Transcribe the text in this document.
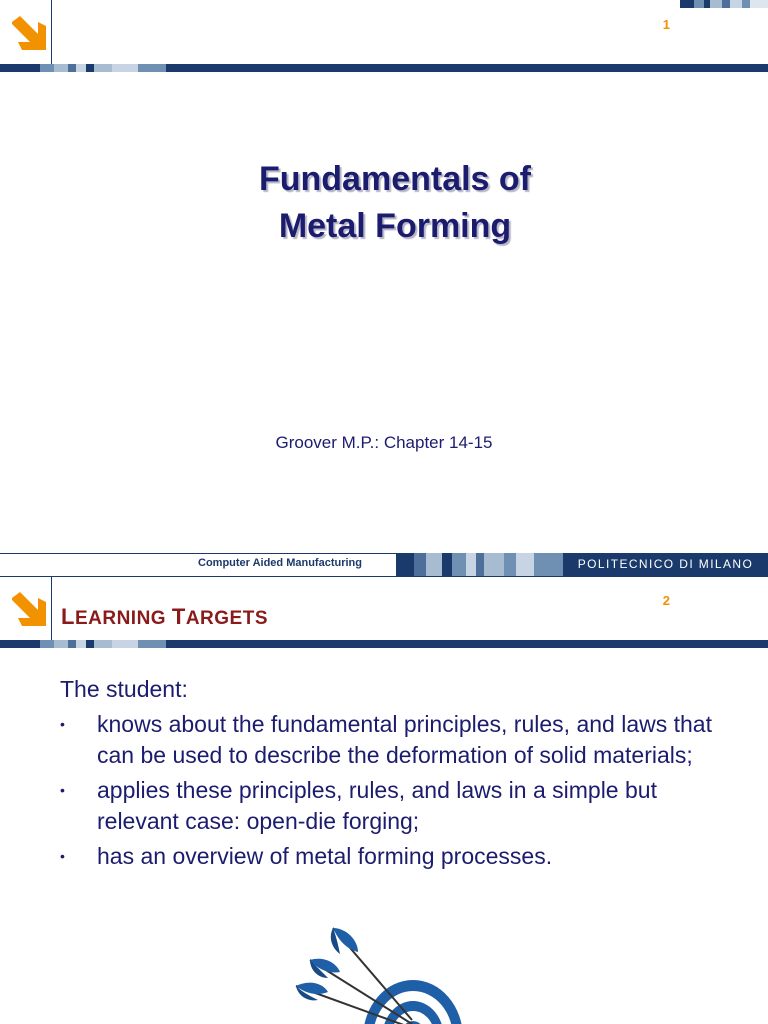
1
Fundamentals of
Metal Forming
Groover M.P.: Chapter 14-15
Computer Aided Manufacturing	POLITECNICO DI MILANO
2
LEARNING TARGETS
The student:
• knows about the fundamental principles, rules, and laws that can be used to describe the deformation of solid materials;
• applies these principles, rules, and laws in a simple but relevant case: open-die forging;
• has an overview of metal forming processes.
